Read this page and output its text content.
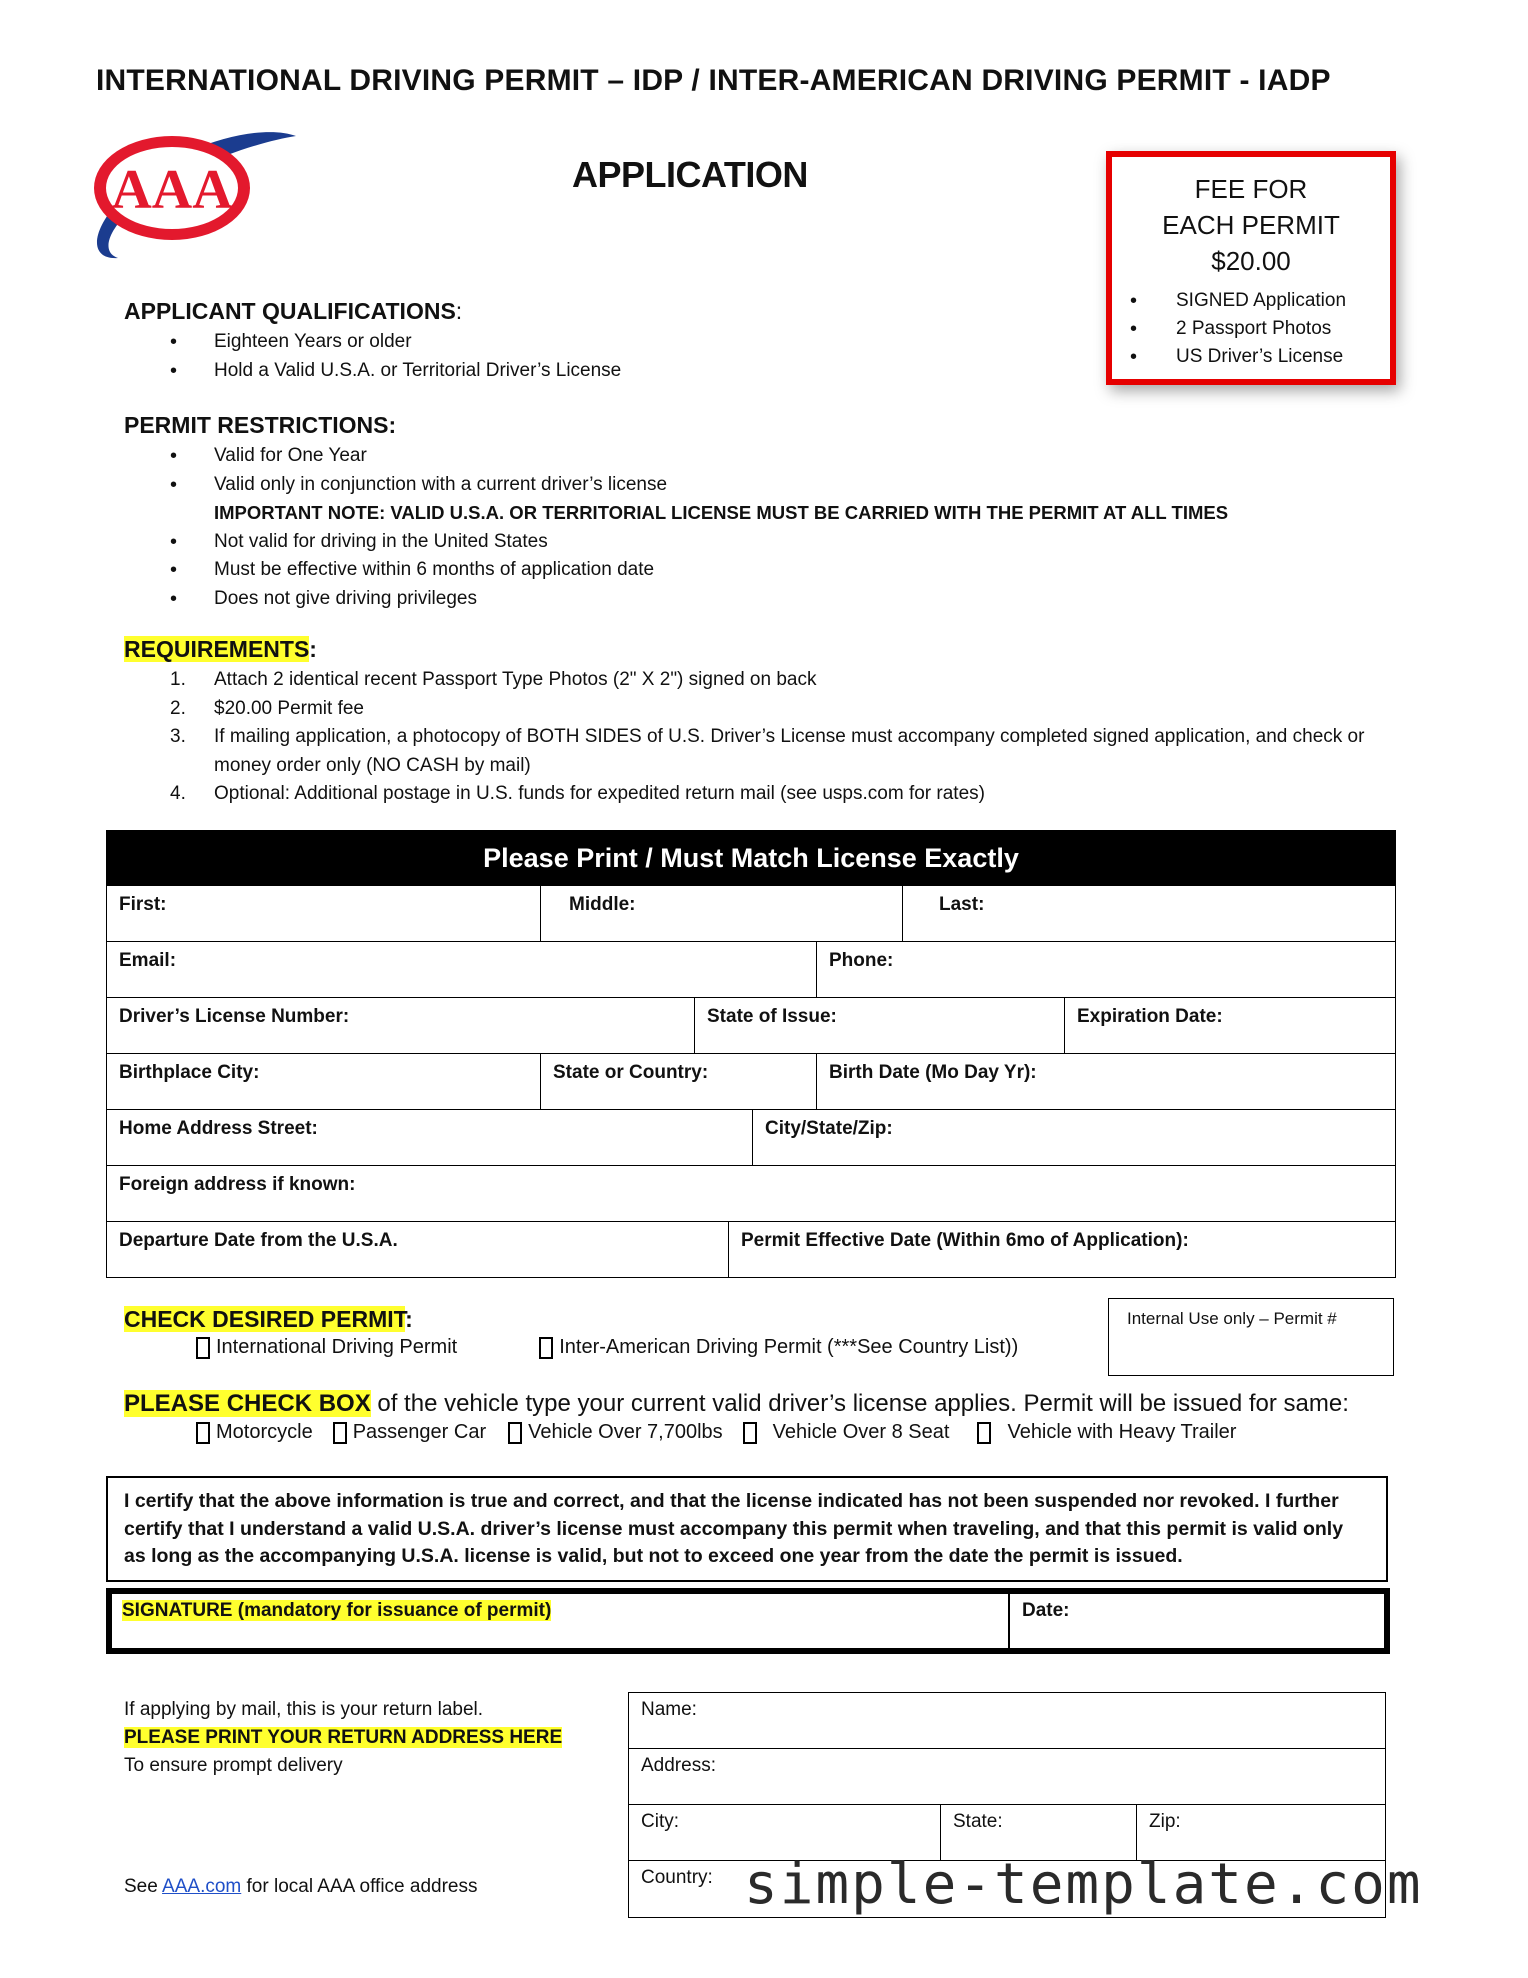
INTERNATIONAL DRIVING PERMIT – IDP / INTER-AMERICAN DRIVING PERMIT - IADP
AAA	APPLICATION	FEE FOR
EACH PERMIT
$20.00
• SIGNED Application
• 2 Passport Photos
• US Driver’s License
APPLICANT QUALIFICATIONS:
• Eighteen Years or older
• Hold a Valid U.S.A. or Territorial Driver’s License
PERMIT RESTRICTIONS:
• Valid for One Year
• Valid only in conjunction with a current driver’s license
IMPORTANT NOTE: VALID U.S.A. OR TERRITORIAL LICENSE MUST BE CARRIED WITH THE PERMIT AT ALL TIMES
• Not valid for driving in the United States
• Must be effective within 6 months of application date
• Does not give driving privileges
REQUIREMENTS:
1. Attach 2 identical recent Passport Type Photos (2" X 2") signed on back
2. $20.00 Permit fee
3. If mailing application, a photocopy of BOTH SIDES of U.S. Driver’s License must accompany completed signed application, and check or money order only (NO CASH by mail)
4. Optional: Additional postage in U.S. funds for expedited return mail (see usps.com for rates)
Please Print / Must Match License Exactly
First:	Middle:	Last:
Email:	Phone:
Driver’s License Number:	State of Issue:	Expiration Date:
Birthplace City:	State or Country:	Birth Date (Mo Day Yr):
Home Address Street:	City/State/Zip:
Foreign address if known:
Departure Date from the U.S.A.	Permit Effective Date (Within 6mo of Application):
CHECK DESIRED PERMIT:
International Driving Permit	Inter-American Driving Permit (***See Country List))
Internal Use only – Permit #
PLEASE CHECK BOX of the vehicle type your current valid driver’s license applies. Permit will be issued for same:
Motorcycle Passenger Car Vehicle Over 7,700lbs	Vehicle Over 8 Seat	Vehicle with Heavy Trailer
I certify that the above information is true and correct, and that the license indicated has not been suspended nor revoked. I further certify that I understand a valid U.S.A. driver’s license must accompany this permit when traveling, and that this permit is valid only as long as the accompanying U.S.A. license is valid, but not to exceed one year from the date the permit is issued.
SIGNATURE (mandatory for issuance of permit)	Date:
If applying by mail, this is your return label.
PLEASE PRINT YOUR RETURN ADDRESS HERE
To ensure prompt delivery
Name:
Address:
City:	State:	Zip:
Country:
See AAA.com for local AAA office address	simple-template.com
